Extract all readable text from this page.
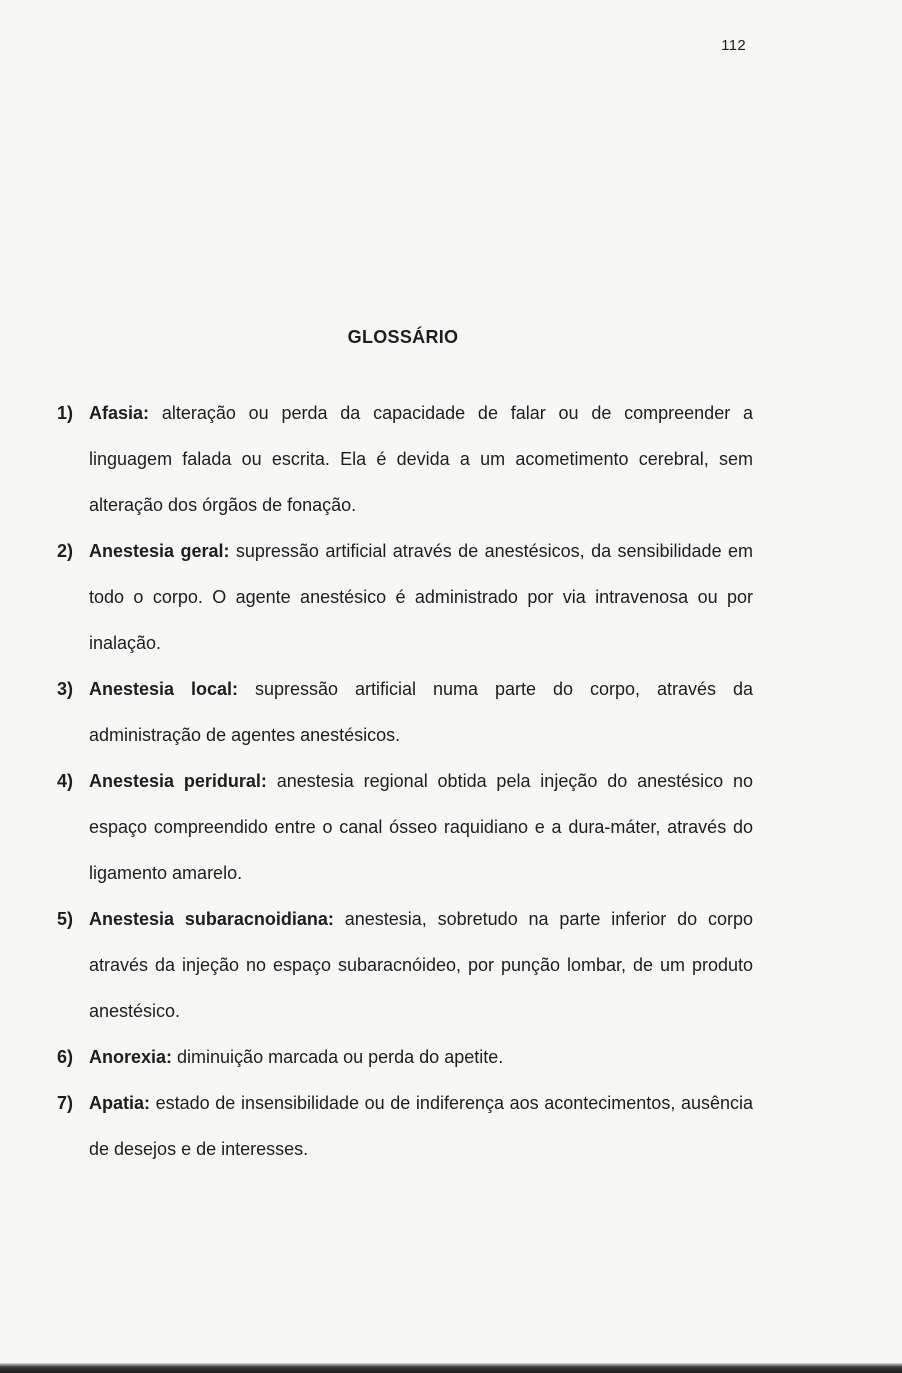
112
GLOSSÁRIO
1) Afasia: alteração ou perda da capacidade de falar ou de compreender a linguagem falada ou escrita. Ela é devida a um acometimento cerebral, sem alteração dos órgãos de fonação.
2) Anestesia geral: supressão artificial através de anestésicos, da sensibilidade em todo o corpo. O agente anestésico é administrado por via intravenosa ou por inalação.
3) Anestesia local: supressão artificial numa parte do corpo, através da administração de agentes anestésicos.
4) Anestesia peridural: anestesia regional obtida pela injeção do anestésico no espaço compreendido entre o canal ósseo raquidiano e a dura-máter, através do ligamento amarelo.
5) Anestesia subaracnoidiana: anestesia, sobretudo na parte inferior do corpo através da injeção no espaço subaracnóideo, por punção lombar, de um produto anestésico.
6) Anorexia: diminuição marcada ou perda do apetite.
7) Apatia: estado de insensibilidade ou de indiferença aos acontecimentos, ausência de desejos e de interesses.
